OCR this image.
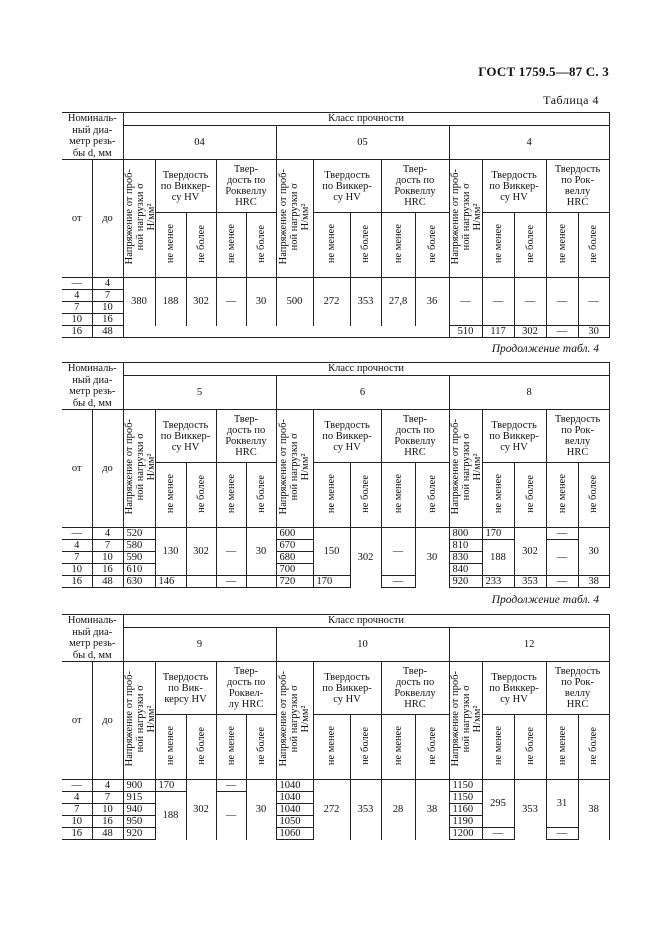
ГОСТ 1759.5—87 С. 3
Таблица 4
Номиналь-
ный диа-
метр резь-
бы d, мм		Класс прочности														
		04					05					4				
от	до	Напряжение от проб- ной нагрузки σ H/мм²	Твердость
по Виккер-
су HV		Твер-
дость по
Роквеллу
HRC		Напряжение от проб- ной нагрузки σ H/мм²	Твердость
по Виккер-
су HV		Твер-
дость по
Роквеллу
HRC		Напряжение от проб- ной нагрузки σ H/мм²	Твердость
по Виккер-
су HV		Твердость
по Рок-
веллу
HRC	

			не менее	не более	не менее	не более		не менее	не более	не менее	не более		не менее	не более	не менее	не более
—	4	380	188	302	—	30	500	272	353	27,8	36	—	—	—	—	—
4	7															
7	10															
10	16															
16	48											510	117	302	—	30
Продолжение табл. 4
Номиналь-
ный диа-
метр резь-
бы d, мм		Класс прочности														
		5					6					8				
от	до	Напряжение от проб- ной нагрузки σ H/мм²	Твердость
по Виккер-
су HV		Твер-
дость по
Роквеллу
HRC		Напряжение от проб- ной нагрузки σ H/мм²	Твердость
по Виккер-
су HV		Твер-
дость по
Роквеллу
HRC		Напряжение от проб- ной нагрузки σ H/мм²	Твердость
по Виккер-
су HV		Твердость
по Рок-
веллу
HRC	

			не менее	не более	не менее	не более		не менее	не более	не менее	не более		не менее	не более	не менее	не более
—	4	520	130	302	—	30	600	150	302	—	30	800	170	302	—	30
4	7	580					670					810	188		—	
7	10	590					680					830				
10	16	610					700					840				
16	48	630	146		—		720	170		—		920	233	353	—	38
Продолжение табл. 4
Номиналь-
ный диа-
метр резь-
бы d, мм		Класс прочности														
		9					10					12				
от	до	Напряжение от проб- ной нагрузки σ H/мм²	Твердость
по Вик-
керсу HV		Твер-
дость по
Роквел-
лу HRC		Напряжение от проб- ной нагрузки σ H/мм²	Твердость
по Виккер-
су HV		Твер-
дость по
Роквеллу
HRC		Напряжение от проб- ной нагрузки σ H/мм²	Твердость
по Виккер-
су HV		Твердость
по Рок-
веллу
HRC	

			не менее	не более	не менее	не более		не менее	не более	не менее	не более		не менее	не более	не менее	не более
—	4	900	170	302	—	30	1040	272	353	28	38	1150	295	353	31	38
4	7	915	188		—		1040					1150				
7	10	940					1040					1160				
10	16	950					1050					1190				
16	48	920					1060					1200	—		—	
